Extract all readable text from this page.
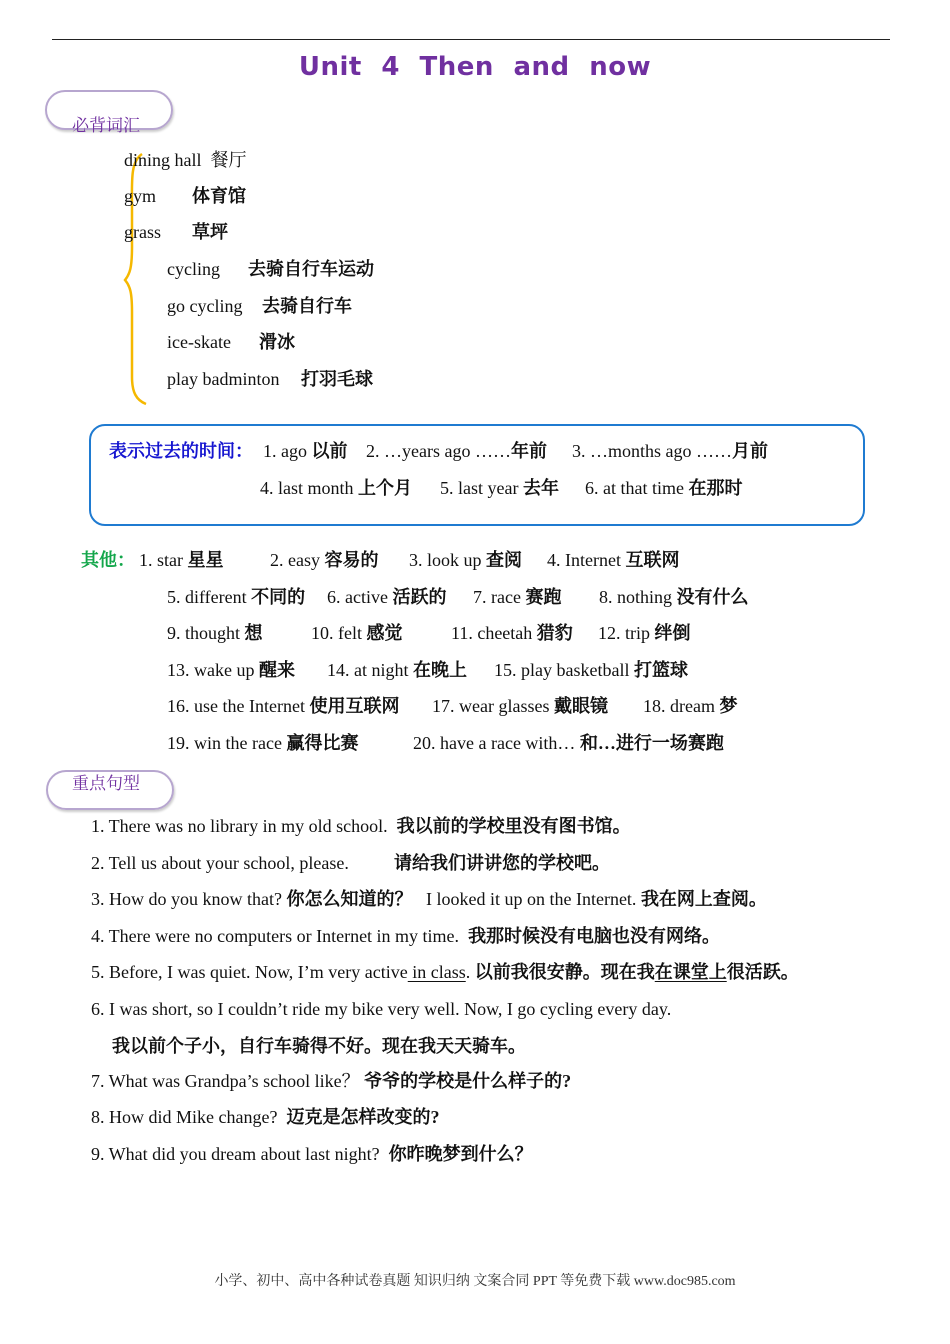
Unit 4 Then and now
必背词汇
dining hall 餐厅
gym 体育馆
grass 草坪
cycling 去骑自行车运动
go cycling 去骑自行车
ice-skate 滑冰
play badminton 打羽毛球
表示过去的时间： 1. ago 以前 2. …years ago ……年前 3. …months ago ……月前
4. last month 上个月 5. last year 去年 6. at that time 在那时
其他： 1. star 星星	2. easy 容易的 3. look up 查阅 4. Internet 互联网
5. different 不同的 6. active 活跃的 7. race 赛跑 8. nothing 没有什么
9. thought 想	10. felt 感觉	11. cheetah 猎豹 12. trip 绊倒
13. wake up 醒来 14. at night 在晚上 15. play basketball 打篮球
16. use the Internet 使用互联网 17. wear glasses 戴眼镜 18. dream 梦
19. win the race 赢得比赛	20. have a race with… 和…进行一场赛跑
重点句型
1. There was no library in my old school. 我以前的学校里没有图书馆。
2. Tell us about your school, please.	请给我们讲讲您的学校吧。
3. How do you know that? 你怎么知道的？ I looked it up on the Internet. 我在网上查阅。
4. There were no computers or Internet in my time. 我那时候没有电脑也没有网络。
5. Before, I was quiet. Now, I’m very active in class. 以前我很安静。现在我在课堂上很活跃。
6. I was short, so I couldn’t ride my bike very well. Now, I go cycling every day.
我以前个子小，自行车骑得不好。现在我天天骑车。
7. What was Grandpa’s school like？ 爷爷的学校是什么样子的?
8. How did Mike change? 迈克是怎样改变的?
9. What did you dream about last night? 你昨晚梦到什么？
小学、初中、高中各种试卷真题 知识归纳 文案合同 PPT 等免费下载 www.doc985.com
